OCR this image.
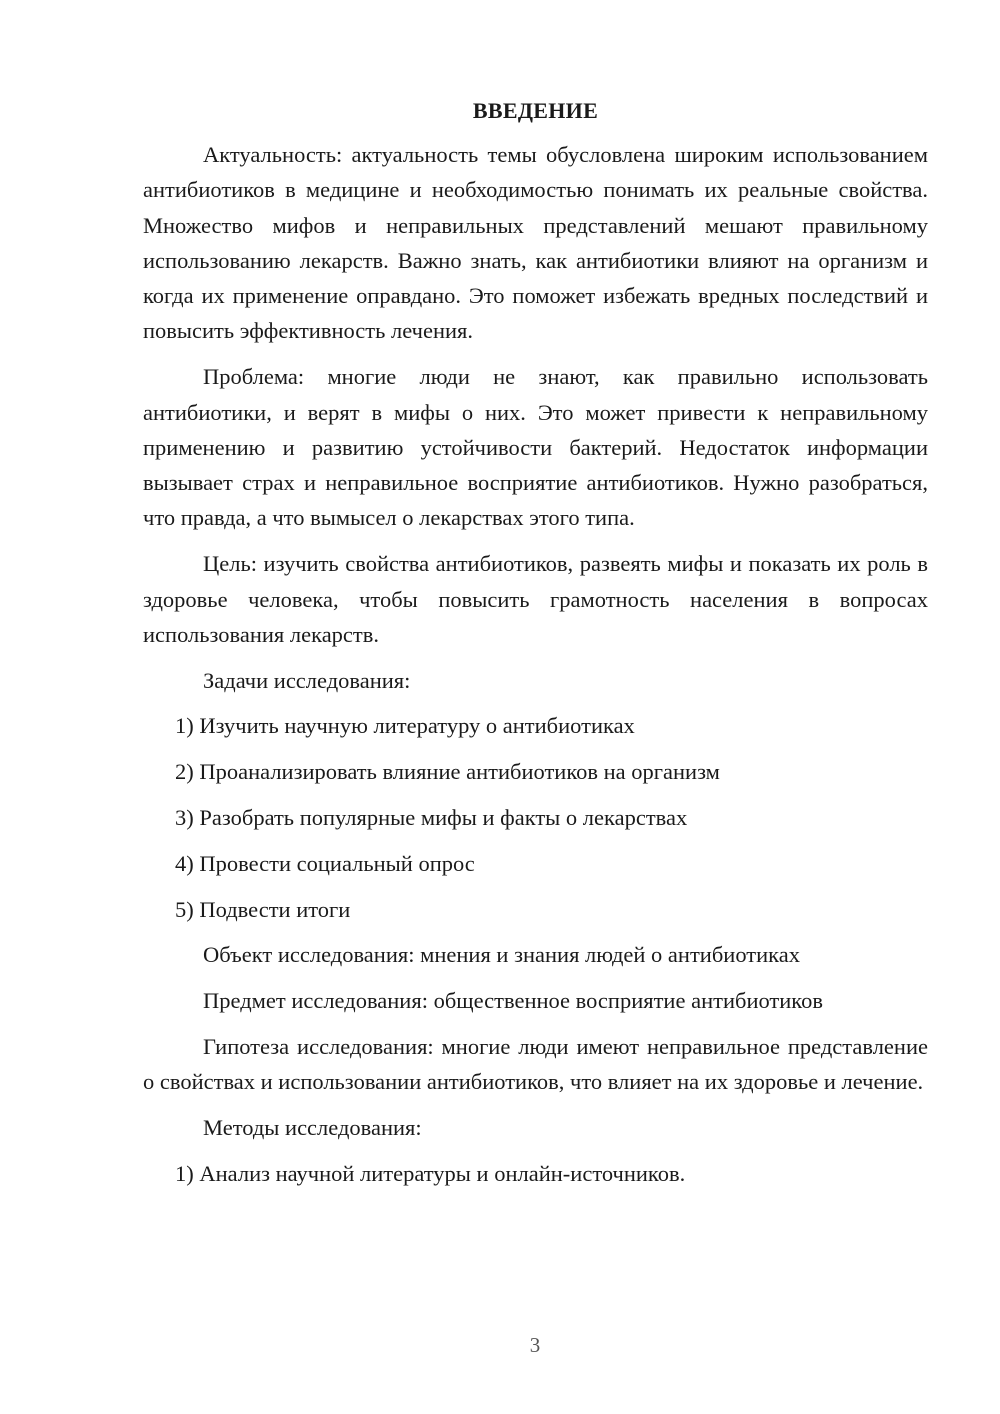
ВВЕДЕНИЕ

Актуальность: актуальность темы обусловлена широким использованием антибиотиков в медицине и необходимостью понимать их реальные свойства. Множество мифов и неправильных представлений мешают правильному использованию лекарств. Важно знать, как антибиотики влияют на организм и когда их применение оправдано. Это поможет избежать вредных последствий и повысить эффективность лечения.

Проблема: многие люди не знают, как правильно использовать антибиотики, и верят в мифы о них. Это может привести к неправильному применению и развитию устойчивости бактерий. Недостаток информации вызывает страх и неправильное восприятие антибиотиков. Нужно разобраться, что правда, а что вымысел о лекарствах этого типа.

Цель: изучить свойства антибиотиков, развеять мифы и показать их роль в здоровье человека, чтобы повысить грамотность населения в вопросах использования лекарств.

Задачи исследования:

1) Изучить научную литературу о антибиотиках
2) Проанализировать влияние антибиотиков на организм
3) Разобрать популярные мифы и факты о лекарствах
4) Провести социальный опрос
5) Подвести итоги

Объект исследования: мнения и знания людей о антибиотиках

Предмет исследования: общественное восприятие антибиотиков

Гипотеза исследования: многие люди имеют неправильное представление о свойствах и использовании антибиотиков, что влияет на их здоровье и лечение.

Методы исследования:

1) Анализ научной литературы и онлайн-источников.
3
